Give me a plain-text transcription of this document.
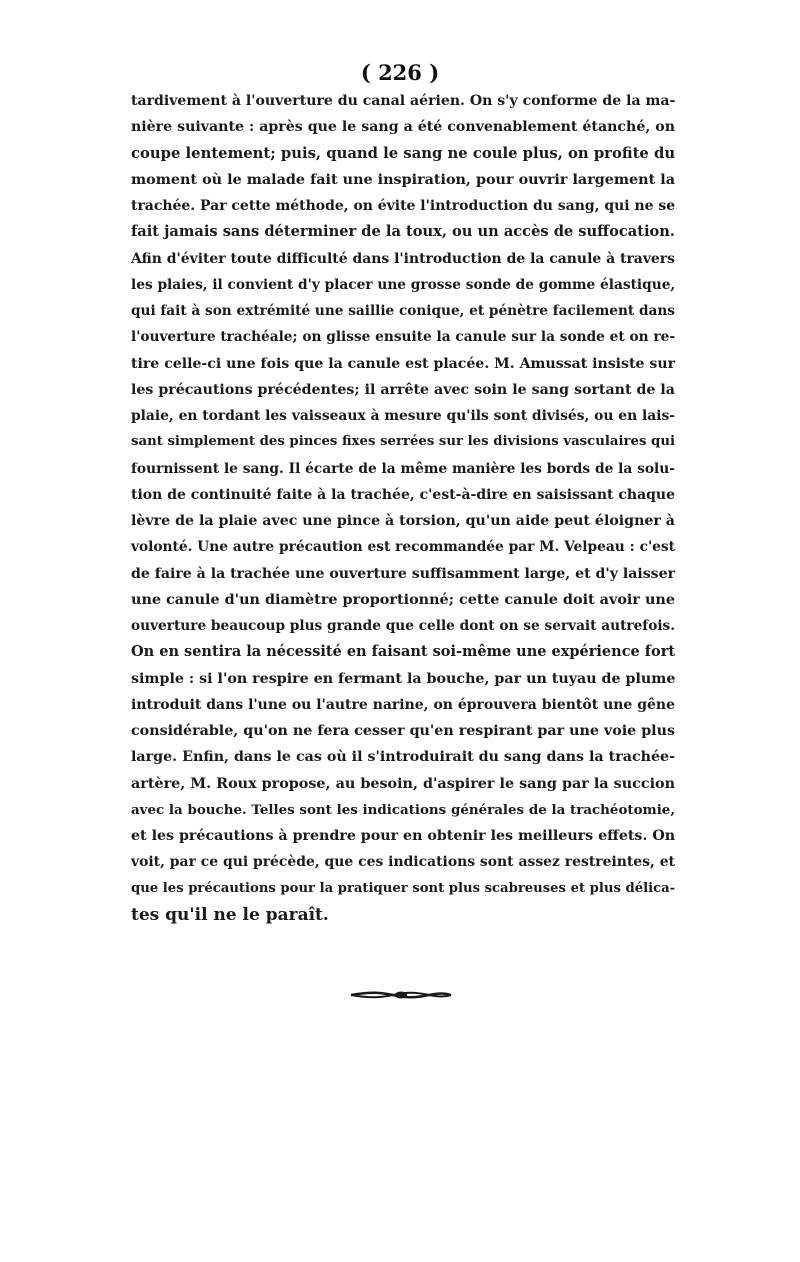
( 226 )
tardivement à l'ouverture du canal aérien. On s'y conforme de la ma-
nière suivante : après que le sang a été convenablement étanché, on
coupe lentement; puis, quand le sang ne coule plus, on profite du
moment où le malade fait une inspiration, pour ouvrir largement la
trachée. Par cette méthode, on évite l'introduction du sang, qui ne se
fait jamais sans déterminer de la toux, ou un accès de suffocation.
Afin d'éviter toute difficulté dans l'introduction de la canule à travers
les plaies, il convient d'y placer une grosse sonde de gomme élastique,
qui fait à son extrémité une saillie conique, et pénètre facilement dans
l'ouverture trachéale; on glisse ensuite la canule sur la sonde et on re-
tire celle-ci une fois que la canule est placée. M. Amussat insiste sur
les précautions précédentes; il arrête avec soin le sang sortant de la
plaie, en tordant les vaisseaux à mesure qu'ils sont divisés, ou en lais-
sant simplement des pinces fixes serrées sur les divisions vasculaires qui
fournissent le sang. Il écarte de la même manière les bords de la solu-
tion de continuité faite à la trachée, c'est-à-dire en saisissant chaque
lèvre de la plaie avec une pince à torsion, qu'un aide peut éloigner à
volonté. Une autre précaution est recommandée par M. Velpeau : c'est
de faire à la trachée une ouverture suffisamment large, et d'y laisser
une canule d'un diamètre proportionné; cette canule doit avoir une
ouverture beaucoup plus grande que celle dont on se servait autrefois.
On en sentira la nécessité en faisant soi-même une expérience fort
simple : si l'on respire en fermant la bouche, par un tuyau de plume
introduit dans l'une ou l'autre narine, on éprouvera bientôt une gêne
considérable, qu'on ne fera cesser qu'en respirant par une voie plus
large. Enfin, dans le cas où il s'introduirait du sang dans la trachée-
artère, M. Roux propose, au besoin, d'aspirer le sang par la succion
avec la bouche. Telles sont les indications générales de la trachéotomie,
et les précautions à prendre pour en obtenir les meilleurs effets. On
voit, par ce qui précède, que ces indications sont assez restreintes, et
que les précautions pour la pratiquer sont plus scabreuses et plus délica-
tes qu'il ne le paraît.
